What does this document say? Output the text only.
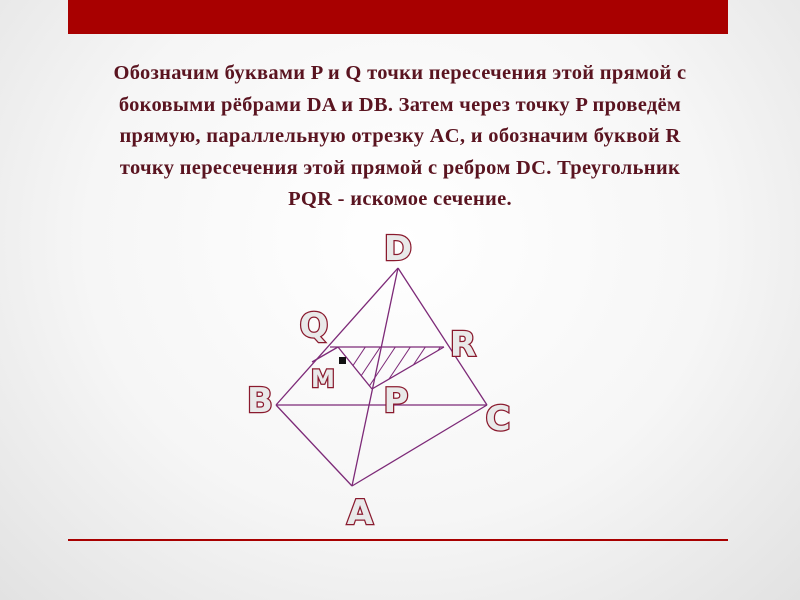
Обозначим буквами P и Q точки пересечения этой прямой с
боковыми рёбрами DA и DB. Затем через точку P проведём
прямую, параллельную отрезку AC, и обозначим буквой R
точку пересечения этой прямой с ребром DC. Треугольник
PQR - искомое сечение.
D
Q	R
M
B	P C
A
